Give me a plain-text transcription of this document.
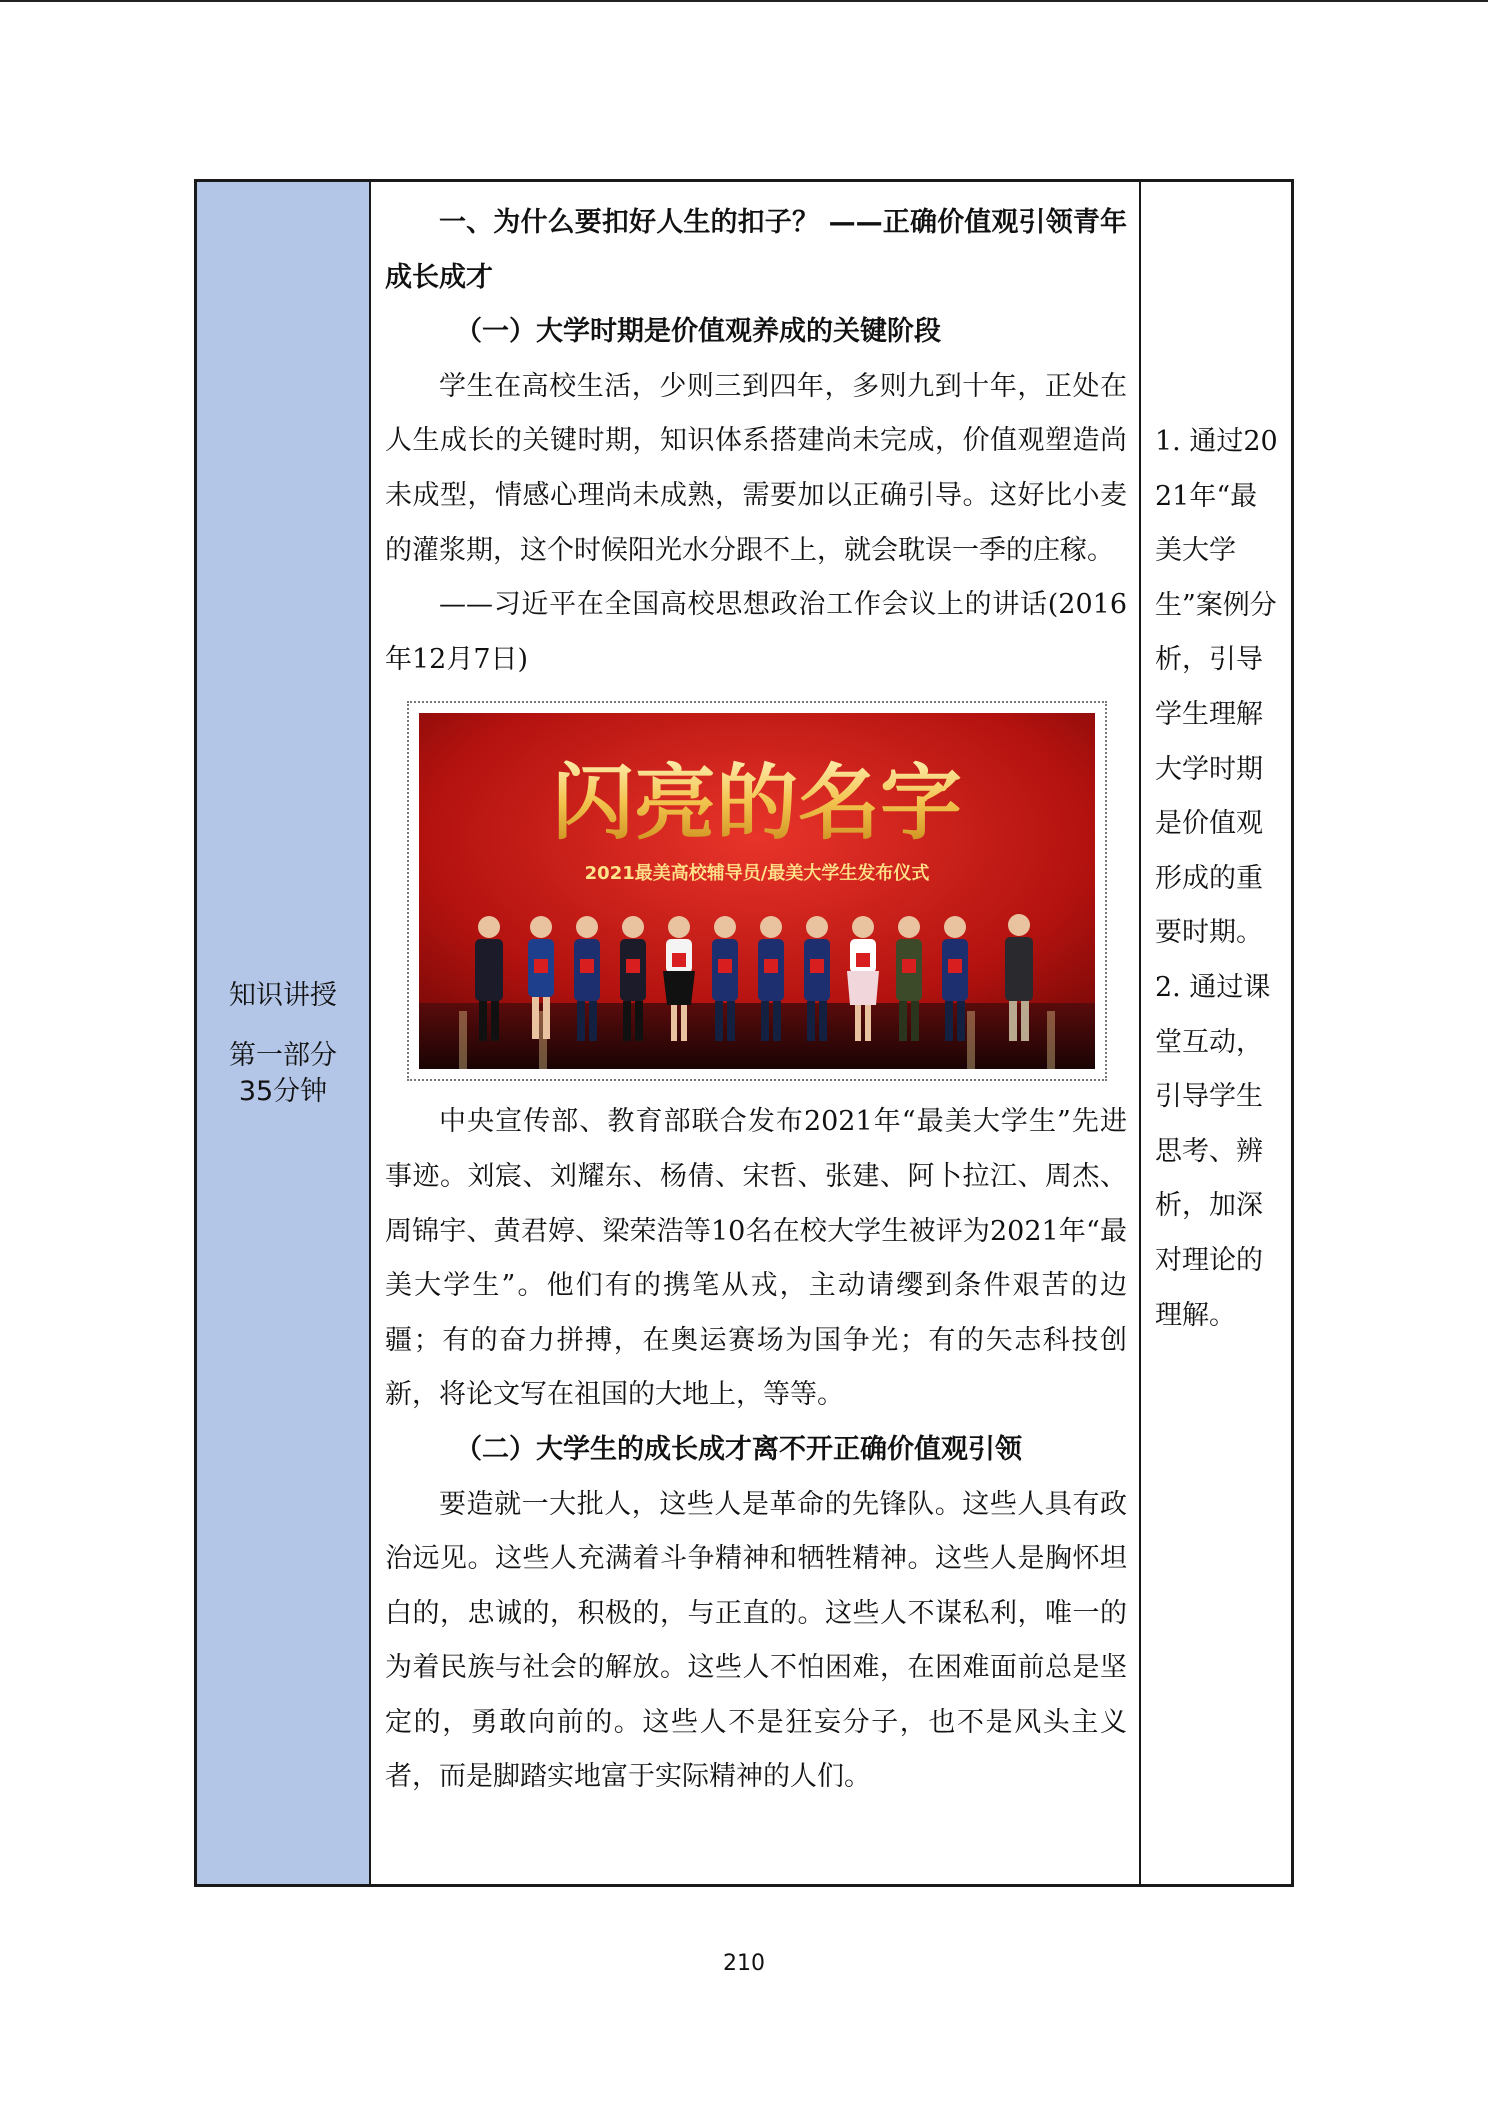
知识讲授
第一部分
35分钟
一、为什么要扣好人生的扣子？ ——正确价值观引领青年成长成才
（一）大学时期是价值观养成的关键阶段
学生在高校生活，少则三到四年，多则九到十年，正处在人生成长的关键时期，知识体系搭建尚未完成，价值观塑造尚未成型，情感心理尚未成熟，需要加以正确引导。这好比小麦的灌浆期，这个时候阳光水分跟不上，就会耽误一季的庄稼。
——习近平在全国高校思想政治工作会议上的讲话(2016年12月7日)
闪亮的名字
2021最美高校辅导员/最美大学生发布仪式
中央宣传部、教育部联合发布2021年“最美大学生”先进事迹。刘宸、刘耀东、杨倩、宋哲、张建、阿卜拉江、周杰、周锦宇、黄君婷、梁荣浩等10名在校大学生被评为2021年“最美大学生”。他们有的携笔从戎，主动请缨到条件艰苦的边疆；有的奋力拼搏，在奥运赛场为国争光；有的矢志科技创新，将论文写在祖国的大地上，等等。
（二）大学生的成长成才离不开正确价值观引领
要造就一大批人，这些人是革命的先锋队。这些人具有政治远见。这些人充满着斗争精神和牺牲精神。这些人是胸怀坦白的，忠诚的，积极的，与正直的。这些人不谋私利，唯一的为着民族与社会的解放。这些人不怕困难，在困难面前总是坚定的，勇敢向前的。这些人不是狂妄分子，也不是风头主义者，而是脚踏实地富于实际精神的人们。
1. 通过2021年“最美大学生”案例分析，引导学生理解大学时期是价值观形成的重要时期。
2. 通过课堂互动，引导学生思考、辨析，加深对理论的理解。
210
